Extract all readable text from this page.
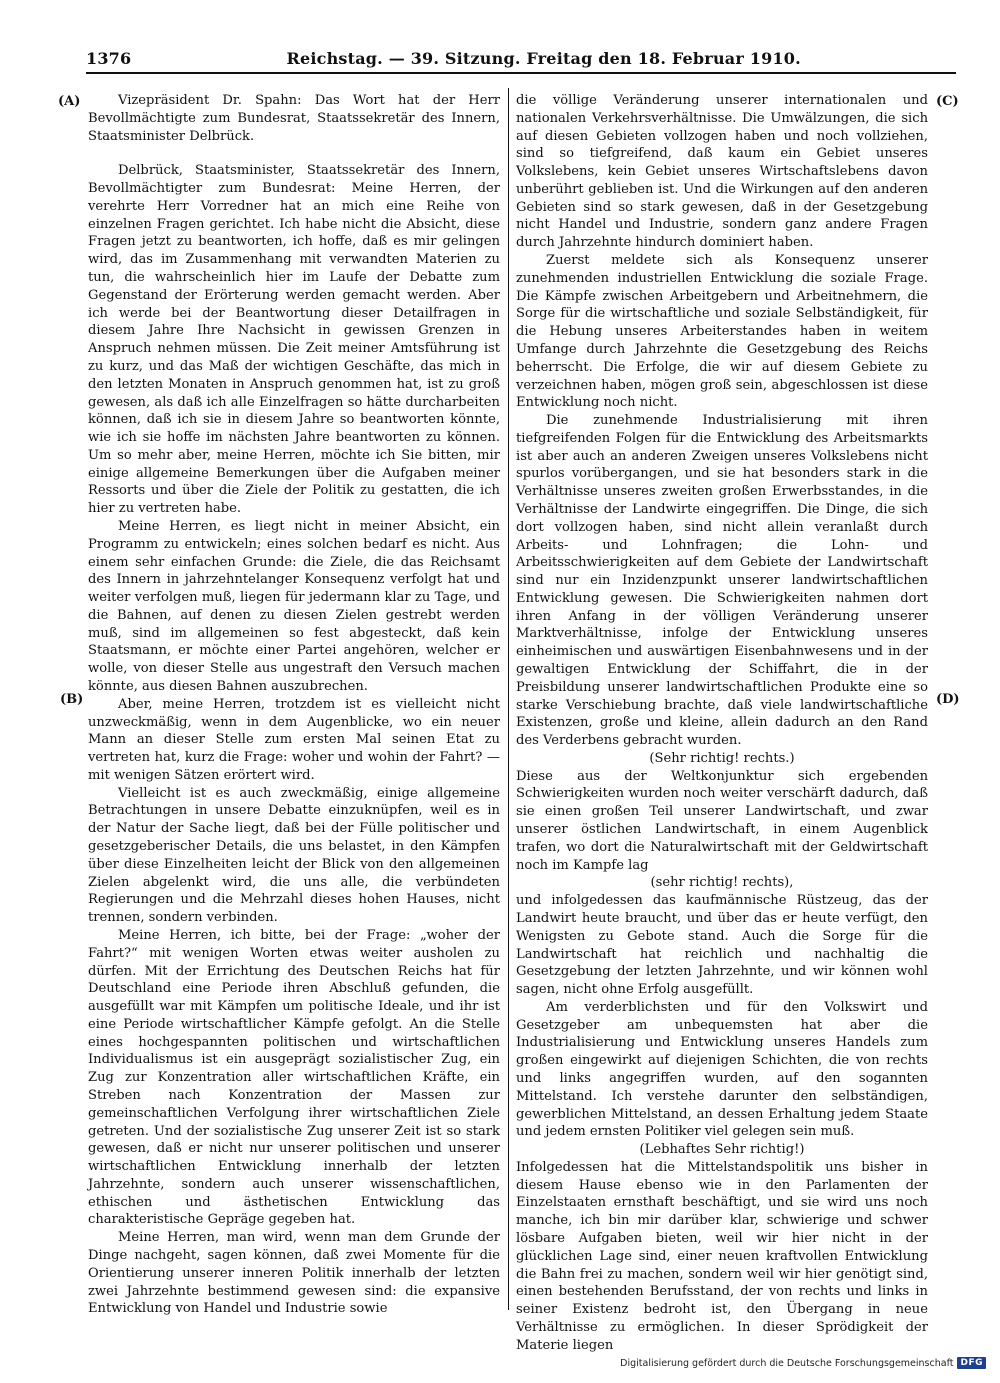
1376	Reichstag. — 39. Sitzung. Freitag den 18. Februar 1910.
(A)
(B)
(C)
(D)

Vizepräsident Dr. Spahn: Das Wort hat der Herr Bevollmächtigte zum Bundesrat, Staatssekretär des Innern, Staatsminister Delbrück.

Delbrück, Staatsminister, Staatssekretär des Innern, Bevollmächtigter zum Bundesrat: Meine Herren, der verehrte Herr Vorredner hat an mich eine Reihe von einzelnen Fragen gerichtet. Ich habe nicht die Absicht, diese Fragen jetzt zu beantworten, ich hoffe, daß es mir gelingen wird, das im Zusammenhang mit verwandten Materien zu tun, die wahrscheinlich hier im Laufe der Debatte zum Gegenstand der Erörterung werden gemacht werden. Aber ich werde bei der Beantwortung dieser Detailfragen in diesem Jahre Ihre Nachsicht in gewissen Grenzen in Anspruch nehmen müssen. Die Zeit meiner Amtsführung ist zu kurz, und das Maß der wichtigen Geschäfte, das mich in den letzten Monaten in Anspruch genommen hat, ist zu groß gewesen, als daß ich alle Einzelfragen so hätte durcharbeiten können, daß ich sie in diesem Jahre so beantworten könnte, wie ich sie hoffe im nächsten Jahre beantworten zu können. Um so mehr aber, meine Herren, möchte ich Sie bitten, mir einige allgemeine Bemerkungen über die Aufgaben meiner Ressorts und über die Ziele der Politik zu gestatten, die ich hier zu vertreten habe.

Meine Herren, es liegt nicht in meiner Absicht, ein Programm zu entwickeln; eines solchen bedarf es nicht. Aus einem sehr einfachen Grunde: die Ziele, die das Reichsamt des Innern in jahrzehntelanger Konsequenz verfolgt hat und weiter verfolgen muß, liegen für jedermann klar zu Tage, und die Bahnen, auf denen zu diesen Zielen gestrebt werden muß, sind im allgemeinen so fest abgesteckt, daß kein Staatsmann, er möchte einer Partei angehören, welcher er wolle, von dieser Stelle aus ungestraft den Versuch machen könnte, aus diesen Bahnen auszubrechen.

Aber, meine Herren, trotzdem ist es vielleicht nicht unzweckmäßig, wenn in dem Augenblicke, wo ein neuer Mann an dieser Stelle zum ersten Mal seinen Etat zu vertreten hat, kurz die Frage: woher und wohin der Fahrt? — mit wenigen Sätzen erörtert wird.

Vielleicht ist es auch zweckmäßig, einige allgemeine Betrachtungen in unsere Debatte einzuknüpfen, weil es in der Natur der Sache liegt, daß bei der Fülle politischer und gesetzgeberischer Details, die uns belastet, in den Kämpfen über diese Einzelheiten leicht der Blick von den allgemeinen Zielen abgelenkt wird, die uns alle, die verbündeten Regierungen und die Mehrzahl dieses hohen Hauses, nicht trennen, sondern verbinden.

Meine Herren, ich bitte, bei der Frage: „woher der Fahrt?“ mit wenigen Worten etwas weiter ausholen zu dürfen. Mit der Errichtung des Deutschen Reichs hat für Deutschland eine Periode ihren Abschluß gefunden, die ausgefüllt war mit Kämpfen um politische Ideale, und ihr ist eine Periode wirtschaftlicher Kämpfe gefolgt. An die Stelle eines hochgespannten politischen und wirtschaftlichen Individualismus ist ein ausgeprägt sozialistischer Zug, ein Zug zur Konzentration aller wirtschaftlichen Kräfte, ein Streben nach Konzentration der Massen zur gemeinschaftlichen Verfolgung ihrer wirtschaftlichen Ziele getreten. Und der sozialistische Zug unserer Zeit ist so stark gewesen, daß er nicht nur unserer politischen und unserer wirtschaftlichen Entwicklung innerhalb der letzten Jahrzehnte, sondern auch unserer wissenschaftlichen, ethischen und ästhetischen Entwicklung das charakteristische Gepräge gegeben hat.

Meine Herren, man wird, wenn man dem Grunde der Dinge nachgeht, sagen können, daß zwei Momente für die Orientierung unserer inneren Politik innerhalb der letzten zwei Jahrzehnte bestimmend gewesen sind: die expansive Entwicklung von Handel und Industrie sowie

die völlige Veränderung unserer internationalen und nationalen Verkehrsverhältnisse. Die Umwälzungen, die sich auf diesen Gebieten vollzogen haben und noch vollziehen, sind so tiefgreifend, daß kaum ein Gebiet unseres Volkslebens, kein Gebiet unseres Wirtschaftslebens davon unberührt geblieben ist. Und die Wirkungen auf den anderen Gebieten sind so stark gewesen, daß in der Gesetzgebung nicht Handel und Industrie, sondern ganz andere Fragen durch Jahrzehnte hindurch dominiert haben.

Zuerst meldete sich als Konsequenz unserer zunehmenden industriellen Entwicklung die soziale Frage. Die Kämpfe zwischen Arbeitgebern und Arbeitnehmern, die Sorge für die wirtschaftliche und soziale Selbständigkeit, für die Hebung unseres Arbeiterstandes haben in weitem Umfange durch Jahrzehnte die Gesetzgebung des Reichs beherrscht. Die Erfolge, die wir auf diesem Gebiete zu verzeichnen haben, mögen groß sein, abgeschlossen ist diese Entwicklung noch nicht.

Die zunehmende Industrialisierung mit ihren tiefgreifenden Folgen für die Entwicklung des Arbeitsmarkts ist aber auch an anderen Zweigen unseres Volkslebens nicht spurlos vorübergangen, und sie hat besonders stark in die Verhältnisse unseres zweiten großen Erwerbsstandes, in die Verhältnisse der Landwirte eingegriffen. Die Dinge, die sich dort vollzogen haben, sind nicht allein veranlaßt durch Arbeits- und Lohnfragen; die Lohn- und Arbeitsschwierigkeiten auf dem Gebiete der Landwirtschaft sind nur ein Inzidenzpunkt unserer landwirtschaftlichen Entwicklung gewesen. Die Schwierigkeiten nahmen dort ihren Anfang in der völligen Veränderung unserer Marktverhältnisse, infolge der Entwicklung unseres einheimischen und auswärtigen Eisenbahnwesens und in der gewaltigen Entwicklung der Schiffahrt, die in der Preisbildung unserer landwirtschaftlichen Produkte eine so starke Verschiebung brachte, daß viele landwirtschaftliche Existenzen, große und kleine, allein dadurch an den Rand des Verderbens gebracht wurden.

(Sehr richtig! rechts.)

Diese aus der Weltkonjunktur sich ergebenden Schwierigkeiten wurden noch weiter verschärft dadurch, daß sie einen großen Teil unserer Landwirtschaft, und zwar unserer östlichen Landwirtschaft, in einem Augenblick trafen, wo dort die Naturalwirtschaft mit der Geldwirtschaft noch im Kampfe lag

(sehr richtig! rechts),

und infolgedessen das kaufmännische Rüstzeug, das der Landwirt heute braucht, und über das er heute verfügt, den Wenigsten zu Gebote stand. Auch die Sorge für die Landwirtschaft hat reichlich und nachhaltig die Gesetzgebung der letzten Jahrzehnte, und wir können wohl sagen, nicht ohne Erfolg ausgefüllt.

Am verderblichsten und für den Volkswirt und Gesetzgeber am unbequemsten hat aber die Industrialisierung und Entwicklung unseres Handels zum großen eingewirkt auf diejenigen Schichten, die von rechts und links angegriffen wurden, auf den sogannten Mittelstand. Ich verstehe darunter den selbständigen, gewerblichen Mittelstand, an dessen Erhaltung jedem Staate und jedem ernsten Politiker viel gelegen sein muß.

(Lebhaftes Sehr richtig!)

Infolgedessen hat die Mittelstandspolitik uns bisher in diesem Hause ebenso wie in den Parlamenten der Einzelstaaten ernsthaft beschäftigt, und sie wird uns noch manche, ich bin mir darüber klar, schwierige und schwer lösbare Aufgaben bieten, weil wir hier nicht in der glücklichen Lage sind, einer neuen kraftvollen Entwicklung die Bahn frei zu machen, sondern weil wir hier genötigt sind, einen bestehenden Berufsstand, der von rechts und links in seiner Existenz bedroht ist, den Übergang in neue Verhältnisse zu ermöglichen. In dieser Sprödigkeit der Materie liegen

Digitalisierung gefördert durch die Deutsche Forschungsgemeinschaft DFG
